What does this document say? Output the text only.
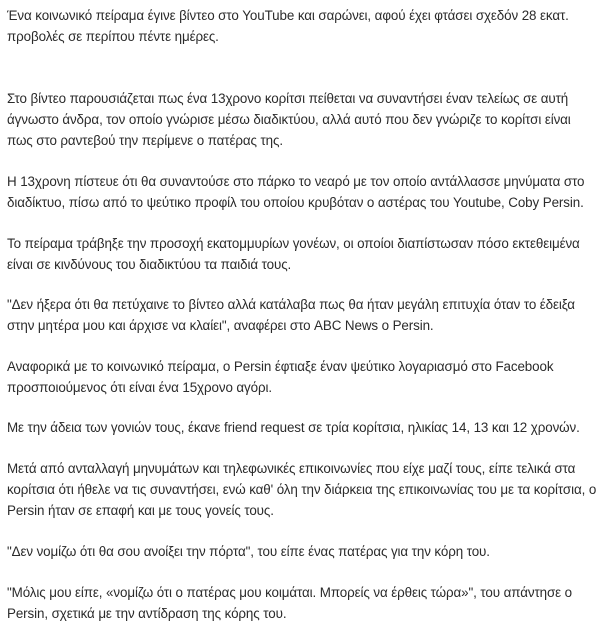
Ένα κοινωνικό πείραμα έγινε βίντεο στο YouTube και σαρώνει, αφού έχει φτάσει σχεδόν 28 εκατ. προβολές σε περίπου πέντε ημέρες.

Στο βίντεο παρουσιάζεται πως ένα 13χρονο κορίτσι πείθεται να συναντήσει έναν τελείως σε αυτή άγνωστο άνδρα, τον οποίο γνώρισε μέσω διαδικτύου, αλλά αυτό που δεν γνώριζε το κορίτσι είναι πως στο ραντεβού την περίμενε ο πατέρας της.

Η 13χρονη πίστευε ότι θα συναντούσε στο πάρκο το νεαρό με τον οποίο αντάλλασσε μηνύματα στο διαδίκτυο, πίσω από το ψεύτικο προφίλ του οποίου κρυβόταν ο αστέρας του Youtube, Coby Persin.

Το πείραμα τράβηξε την προσοχή εκατομμυρίων γονέων, οι οποίοι διαπίστωσαν πόσο εκτεθειμένα είναι σε κινδύνους του διαδικτύου τα παιδιά τους.

"Δεν ήξερα ότι θα πετύχαινε το βίντεο αλλά κατάλαβα πως θα ήταν μεγάλη επιτυχία όταν το έδειξα στην μητέρα μου και άρχισε να κλαίει", αναφέρει στο ABC News ο Persin.

Αναφορικά με το κοινωνικό πείραμα, ο Persin έφτιαξε έναν ψεύτικο λογαριασμό στο Facebook προσποιούμενος ότι είναι ένα 15χρονο αγόρι.

Με την άδεια των γονιών τους, έκανε friend request σε τρία κορίτσια, ηλικίας 14, 13 και 12 χρονών.

Μετά από ανταλλαγή μηνυμάτων και τηλεφωνικές επικοινωνίες που είχε μαζί τους, είπε τελικά στα κορίτσια ότι ήθελε να τις συναντήσει, ενώ καθ' όλη την διάρκεια της επικοινωνίας του με τα κορίτσια, ο Persin ήταν σε επαφή και με τους γονείς τους.

"Δεν νομίζω ότι θα σου ανοίξει την πόρτα", του είπε ένας πατέρας για την κόρη του.

"Μόλις μου είπε, «νομίζω ότι ο πατέρας μου κοιμάται. Μπορείς να έρθεις τώρα»", του απάντησε ο Persin, σχετικά με την αντίδραση της κόρης του.
